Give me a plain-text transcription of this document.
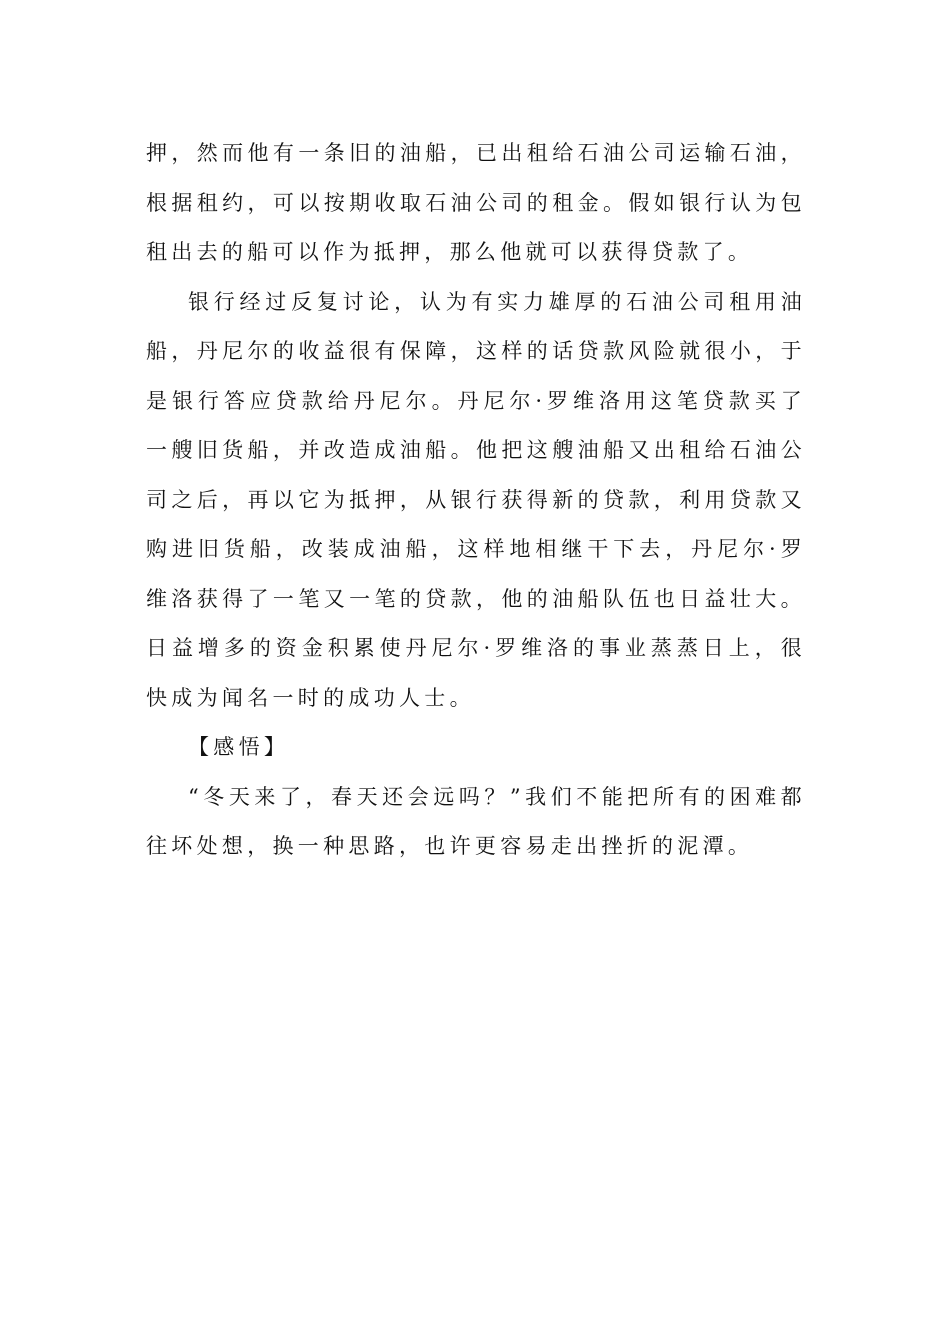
押，然而他有一条旧的油船，已出租给石油公司运输石油，根据租约，可以按期收取石油公司的租金。假如银行认为包租出去的船可以作为抵押，那么他就可以获得贷款了。

银行经过反复讨论，认为有实力雄厚的石油公司租用油船，丹尼尔的收益很有保障，这样的话贷款风险就很小，于是银行答应贷款给丹尼尔。丹尼尔·罗维洛用这笔贷款买了一艘旧货船，并改造成油船。他把这艘油船又出租给石油公司之后，再以它为抵押，从银行获得新的贷款，利用贷款又购进旧货船，改装成油船，这样地相继干下去，丹尼尔·罗维洛获得了一笔又一笔的贷款，他的油船队伍也日益壮大。日益增多的资金积累使丹尼尔·罗维洛的事业蒸蒸日上，很快成为闻名一时的成功人士。

【感悟】

“冬天来了，春天还会远吗？”我们不能把所有的困难都往坏处想，换一种思路，也许更容易走出挫折的泥潭。
